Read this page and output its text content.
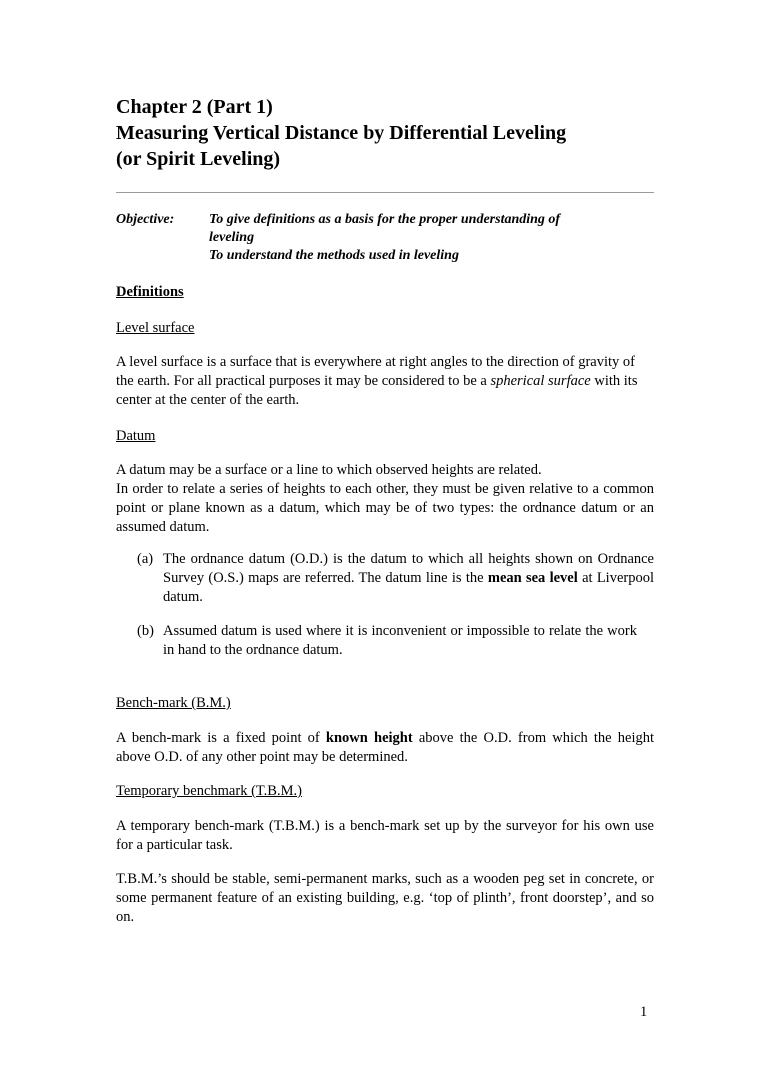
Chapter 2 (Part 1)
Measuring Vertical Distance by Differential Leveling
(or Spirit Leveling)
Objective: To give definitions as a basis for the proper understanding of
leveling
To understand the methods used in leveling
Definitions
Level surface

A level surface is a surface that is everywhere at right angles to the direction of gravity of the earth. For all practical purposes it may be considered to be a spherical surface with its center at the center of the earth.

Datum

A datum may be a surface or a line to which observed heights are related.

In order to relate a series of heights to each other, they must be given relative to a common point or plane known as a datum, which may be of two types: the ordnance datum or an assumed datum.

(a) The ordnance datum (O.D.) is the datum to which all heights shown on Ordnance Survey (O.S.) maps are referred. The datum line is the mean sea level at Liverpool datum.
(b) Assumed datum is used where it is inconvenient or impossible to relate the work in hand to the ordnance datum.
Bench-mark (B.M.)

A bench-mark is a fixed point of known height above the O.D. from which the height above O.D. of any other point may be determined.

Temporary benchmark (T.B.M.)

A temporary bench-mark (T.B.M.) is a bench-mark set up by the surveyor for his own use for a particular task.

T.B.M.’s should be stable, semi-permanent marks, such as a wooden peg set in concrete, or some permanent feature of an existing building, e.g. ‘top of plinth’, front doorstep’, and so on.

1
